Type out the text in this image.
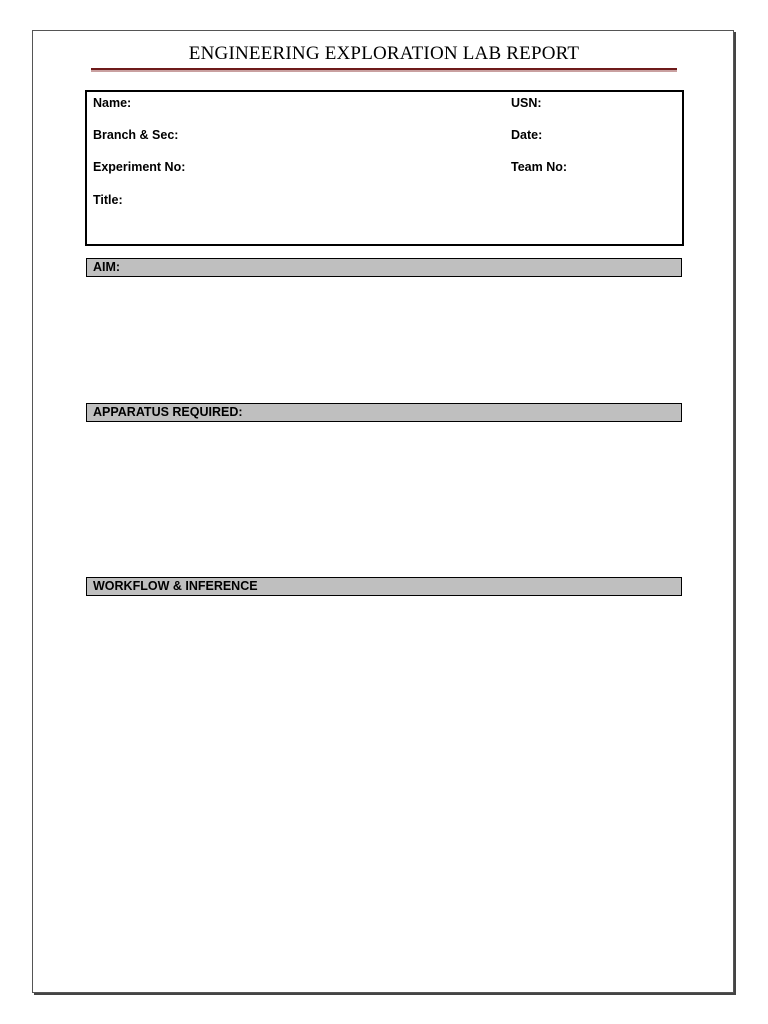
ENGINEERING EXPLORATION LAB REPORT
Name:	USN:
Branch & Sec:	Date:
Experiment No:	Team No:
Title:
AIM:
APPARATUS REQUIRED:
WORKFLOW & INFERENCE
